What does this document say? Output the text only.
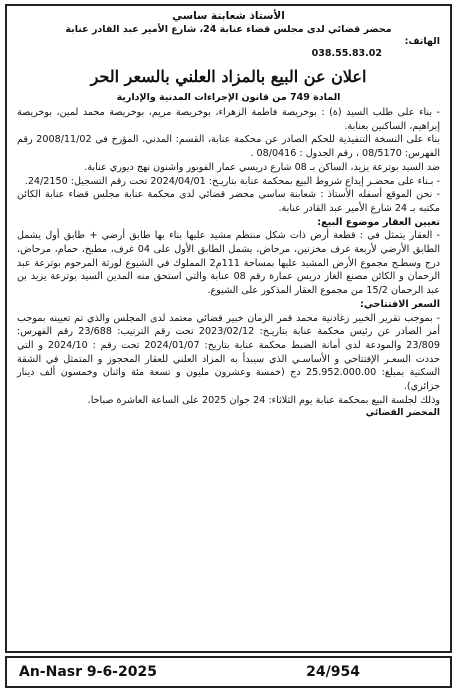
الأستاذ شعابنة ساسي
محضر قضائي لدى مجلس قضاء عنابة 24، شارع الأمير عبد القادر عنابة
الهاتف:
038.55.83.02
اعلان عن البيع بالمزاد العلني بالسعر الحر
المادة 749 من قانون الإجراءات المدنية والإدارية

- بناء على طلب السيد (ة) : بوخريصة فاطمة الزهراء، بوخريصة مريم، بوخريصة محمد لمين، بوخريصة إبراهيم، الساكنين بعنابة.

بناء على النسخة التنفيذية للحكم الصادر عن محكمة عنابة، القسم: المدني، المؤرخ في 2008/11/02 رقم الفهرس: 08/5170 ، رقم الجدول : 08/0416 .

ضد السيد بوترعة يزيد، الساكن بـ 08 شارع دريسي عمار الفوبور واشنون نهج ديوري عنابة.

- بـناء على محضـر إيداع شروط البيع بمحكمة عنابة بتاريـخ: 2024/04/01 تحت رقم التسجيل: 24/2150.

- نحن الموقع أسفله الأستاذ : شعابنة ساسي محضر قضائي لدى محكمة عنابة مجلس قضاء عنابة الكائن مكتبه بـ 24 شارع الأمير عبد القادر عنابة.

تعيين العقار موضوع البيع:

- العقار يتمثل في : قطعة أرض ذات شكل منتظم مشيد عليها بناء بها طابق أرضي + طابق أول يشمل الطابق الأرضي لأربعة غرف مخزنين، مرحاض، يشمل الطابق الأول على 04 غرف، مطبخ، حمام، مرحاض، درج وسطـح مجموع الأرض المشيد عليها بمساحة 111م2 المملوك في الشيوع لورثة المرحوم بوترعة عبد الرحمان و الكائن مصنع الغاز دريس عمارة رقم 08 عنابة والتي استحق منه المدين السيد بوترعة يزيد بن عبد الرحمان 15/2 من مجموع العقار المذكور على الشيوع.

السعر الافتتاحي:

- بموجب تقرير الخبير زغادنية محمد قمر الزمان خبير قضائي معتمد لدى المجلس والذي تم تعيينه بموجب أمر الصادر عن رئيس محكمة عنابة بتاريـخ: 2023/02/12 تحت رقم الترتيب: 23/688 رقم الفهرس: 23/809 والمودعة لدى أمانة الضبط محكمة عنابة بتاريخ: 2024/01/07 تحت رقم : 2024/10 و التي حددت السعـر الإفتتاحي و الأساسـي الذي سيبدأ به المزاد العلني للعقار المحجوز و المتمثل في الشقة السكنية بمبلغ: 25.952.000.00 دج (خمسة وعشرون مليون و تسعة مئة واثنان وخمسون ألف دينار جزائري).

وذلك لجلسة البيع بمحكمة عنابة يوم الثلاثاء: 24 جوان 2025 على الساعة العاشرة صباحا.

المحضر القضائي
An-Nasr 9-6-2025	24/954
